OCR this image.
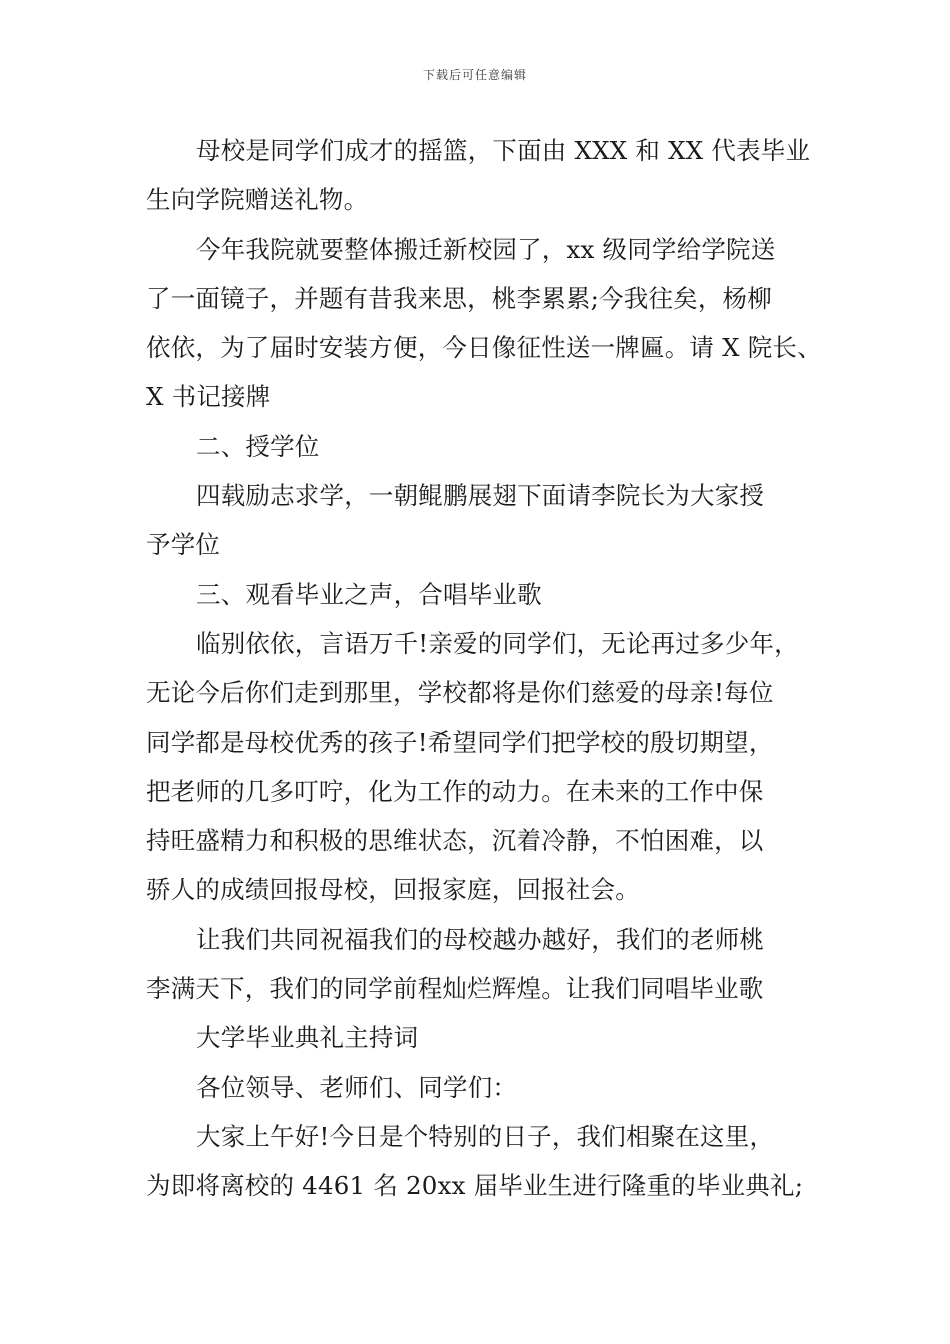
下载后可任意编辑
母校是同学们成才的摇篮，下面由 XXX 和 XX 代表毕业
生向学院赠送礼物。
今年我院就要整体搬迁新校园了，xx 级同学给学院送
了一面镜子，并题有昔我来思，桃李累累;今我往矣，杨柳
依依，为了届时安装方便，今日像征性送一牌匾。请 X 院长、
X 书记接牌
二、授学位
四载励志求学，一朝鲲鹏展翅下面请李院长为大家授
予学位
三、观看毕业之声，合唱毕业歌
临别依依，言语万千!亲爱的同学们，无论再过多少年，
无论今后你们走到那里，学校都将是你们慈爱的母亲!每位
同学都是母校优秀的孩子!希望同学们把学校的殷切期望，
把老师的几多叮咛，化为工作的动力。在未来的工作中保
持旺盛精力和积极的思维状态，沉着冷静，不怕困难，以
骄人的成绩回报母校，回报家庭，回报社会。
让我们共同祝福我们的母校越办越好，我们的老师桃
李满天下，我们的同学前程灿烂辉煌。让我们同唱毕业歌
大学毕业典礼主持词
各位领导、老师们、同学们：
大家上午好!今日是个特别的日子，我们相聚在这里，
为即将离校的 4461 名 20xx 届毕业生进行隆重的毕业典礼;
